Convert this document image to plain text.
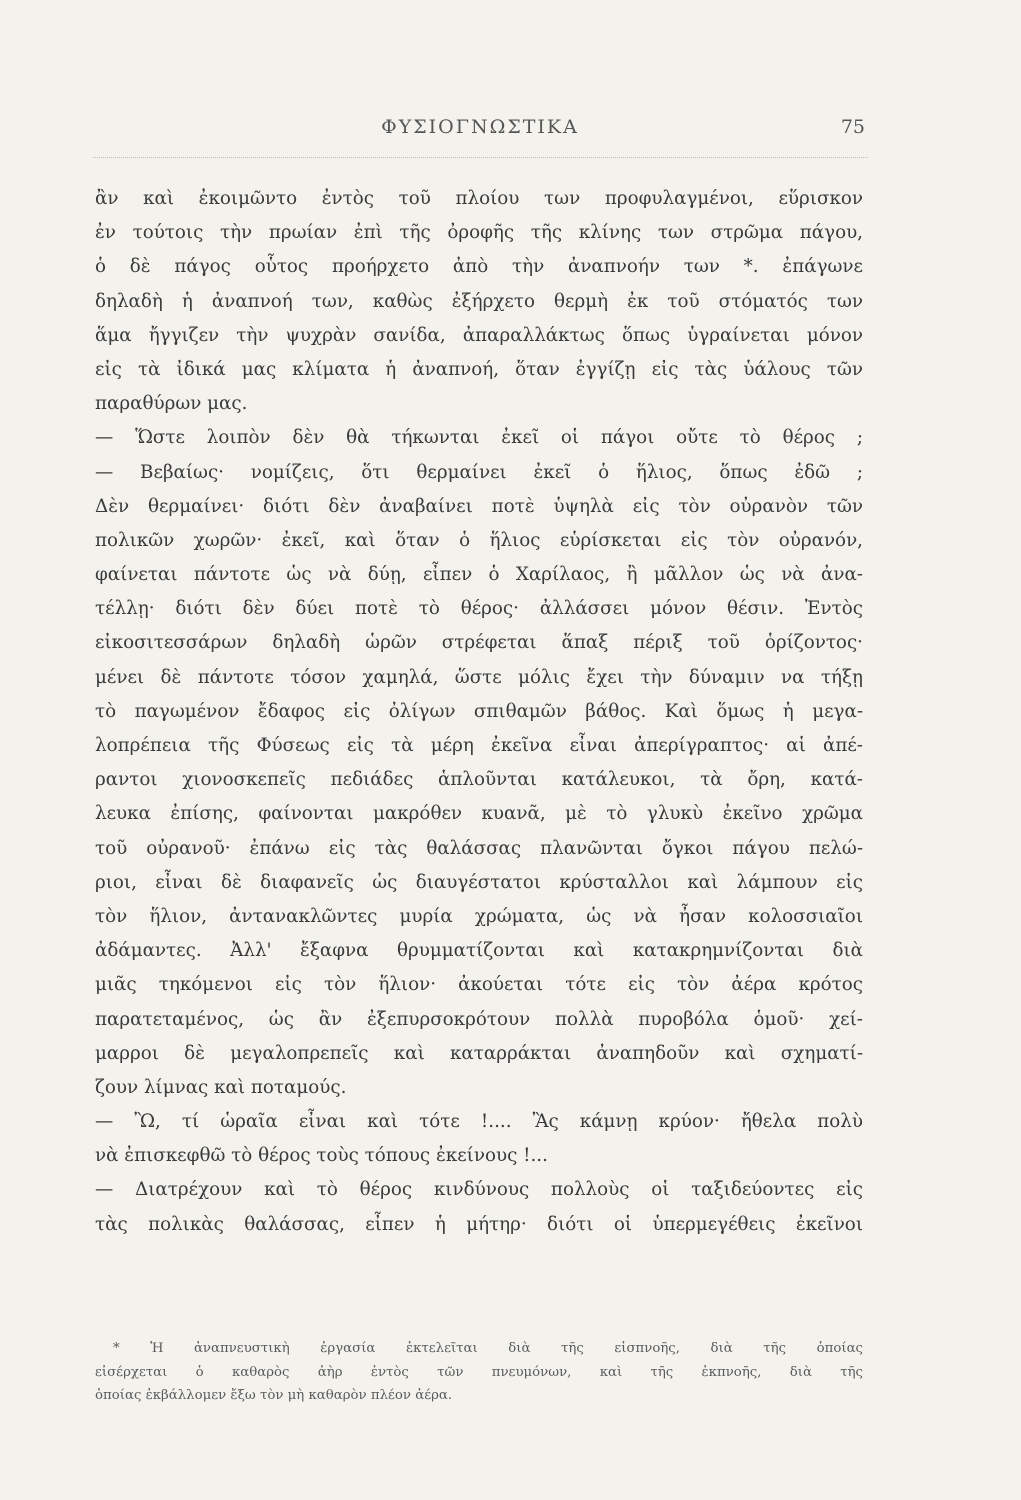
ΦΥΣΙΟΓΝΩΣΤΙΚΑ	75
ἂν καὶ ἐκοιμῶντο ἐντὸς τοῦ πλοίου των προφυλαγμένοι, εὕρισκον
ἐν τούτοις τὴν πρωίαν ἐπὶ τῆς ὀροφῆς τῆς κλίνης των στρῶμα πάγου,
ὁ δὲ πάγος οὗτος προήρχετο ἀπὸ τὴν ἀναπνοήν των *. ἐπάγωνε
δηλαδὴ ἡ ἀναπνοή των, καθὼς ἐξήρχετο θερμὴ ἐκ τοῦ στόματός των
ἅμα ἤγγιζεν τὴν ψυχρὰν σανίδα, ἀπαραλλάκτως ὅπως ὑγραίνεται μόνον
εἰς τὰ ἰδικά μας κλίματα ἡ ἀναπνοή, ὅταν ἐγγίζῃ εἰς τὰς ὑάλους τῶν
παραθύρων μας.
— Ὥστε λοιπὸν δὲν θὰ τήκωνται ἐκεῖ οἱ πάγοι οὔτε τὸ θέρος ;
— Βεβαίως· νομίζεις, ὅτι θερμαίνει ἐκεῖ ὁ ἥλιος, ὅπως ἐδῶ ;
Δὲν θερμαίνει· διότι δὲν ἀναβαίνει ποτὲ ὑψηλὰ εἰς τὸν οὐρανὸν τῶν
πολικῶν χωρῶν· ἐκεῖ, καὶ ὅταν ὁ ἥλιος εὑρίσκεται εἰς τὸν οὐρανόν,
φαίνεται πάντοτε ὡς νὰ δύῃ, εἶπεν ὁ Χαρίλαος, ἢ μᾶλλον ὡς νὰ ἀνα-
τέλλῃ· διότι δὲν δύει ποτὲ τὸ θέρος· ἀλλάσσει μόνον θέσιν. Ἐντὸς
εἰκοσιτεσσάρων δηλαδὴ ὡρῶν στρέφεται ἅπαξ πέριξ τοῦ ὁρίζοντος·
μένει δὲ πάντοτε τόσον χαμηλά, ὥστε μόλις ἔχει τὴν δύναμιν να τήξῃ
τὸ παγωμένον ἔδαφος εἰς ὀλίγων σπιθαμῶν βάθος. Καὶ ὅμως ἡ μεγα-
λοπρέπεια τῆς Φύσεως εἰς τὰ μέρη ἐκεῖνα εἶναι ἀπερίγραπτος· αἱ ἀπέ-
ραντοι χιονοσκεπεῖς πεδιάδες ἁπλοῦνται κατάλευκοι, τὰ ὄρη, κατά-
λευκα ἐπίσης, φαίνονται μακρόθεν κυανᾶ, μὲ τὸ γλυκὺ ἐκεῖνο χρῶμα
τοῦ οὐρανοῦ· ἐπάνω εἰς τὰς θαλάσσας πλανῶνται ὄγκοι πάγου πελώ-
ριοι, εἶναι δὲ διαφανεῖς ὡς διαυγέστατοι κρύσταλλοι καὶ λάμπουν εἰς
τὸν ἥλιον, ἀντανακλῶντες μυρία χρώματα, ὡς νὰ ἦσαν κολοσσιαῖοι
ἀδάμαντες. Ἀλλ' ἔξαφνα θρυμματίζονται καὶ κατακρημνίζονται διὰ
μιᾶς τηκόμενοι εἰς τὸν ἥλιον· ἀκούεται τότε εἰς τὸν ἀέρα κρότος
παρατεταμένος, ὡς ἂν ἐξεπυρσοκρότουν πολλὰ πυροβόλα ὁμοῦ· χεί-
μαρροι δὲ μεγαλοπρεπεῖς καὶ καταρράκται ἀναπηδοῦν καὶ σχηματί-
ζουν λίμνας καὶ ποταμούς.
— Ὢ, τί ὡραῖα εἶναι καὶ τότε !.... Ἂς κάμνῃ κρύον· ἤθελα πολὺ
νὰ ἐπισκεφθῶ τὸ θέρος τοὺς τόπους ἐκείνους !...
— Διατρέχουν καὶ τὸ θέρος κινδύνους πολλοὺς οἱ ταξιδεύοντες εἰς
τὰς πολικὰς θαλάσσας, εἶπεν ἡ μήτηρ· διότι οἱ ὑπερμεγέθεις ἐκεῖνοι
* Ἡ ἀναπνευστικὴ ἐργασία ἐκτελεῖται διὰ τῆς εἰσπνοῆς, διὰ τῆς ὁποίας
εἰσέρχεται ὁ καθαρὸς ἀὴρ ἐντὸς τῶν πνευμόνων, καὶ τῆς ἐκπνοῆς, διὰ τῆς
ὁποίας ἐκβάλλομεν ἔξω τὸν μὴ καθαρὸν πλέον ἀέρα.
